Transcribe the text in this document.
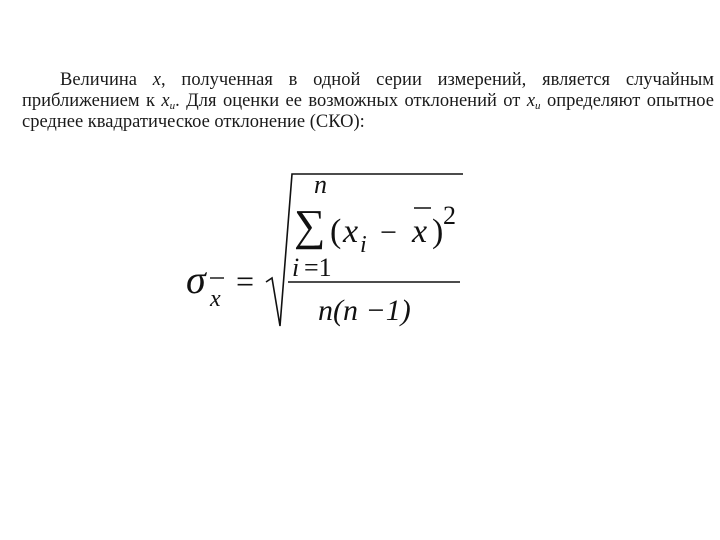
Величина x, полученная в одной серии измерений, является случайным приближением к $x_u$. Для оценки ее возможных отклонений от $x_u$ определяют опытное среднее квадратическое отклонение (СКО):

σ x =
n
∑
i =1
( x i − x ) 2
n(n −1)
